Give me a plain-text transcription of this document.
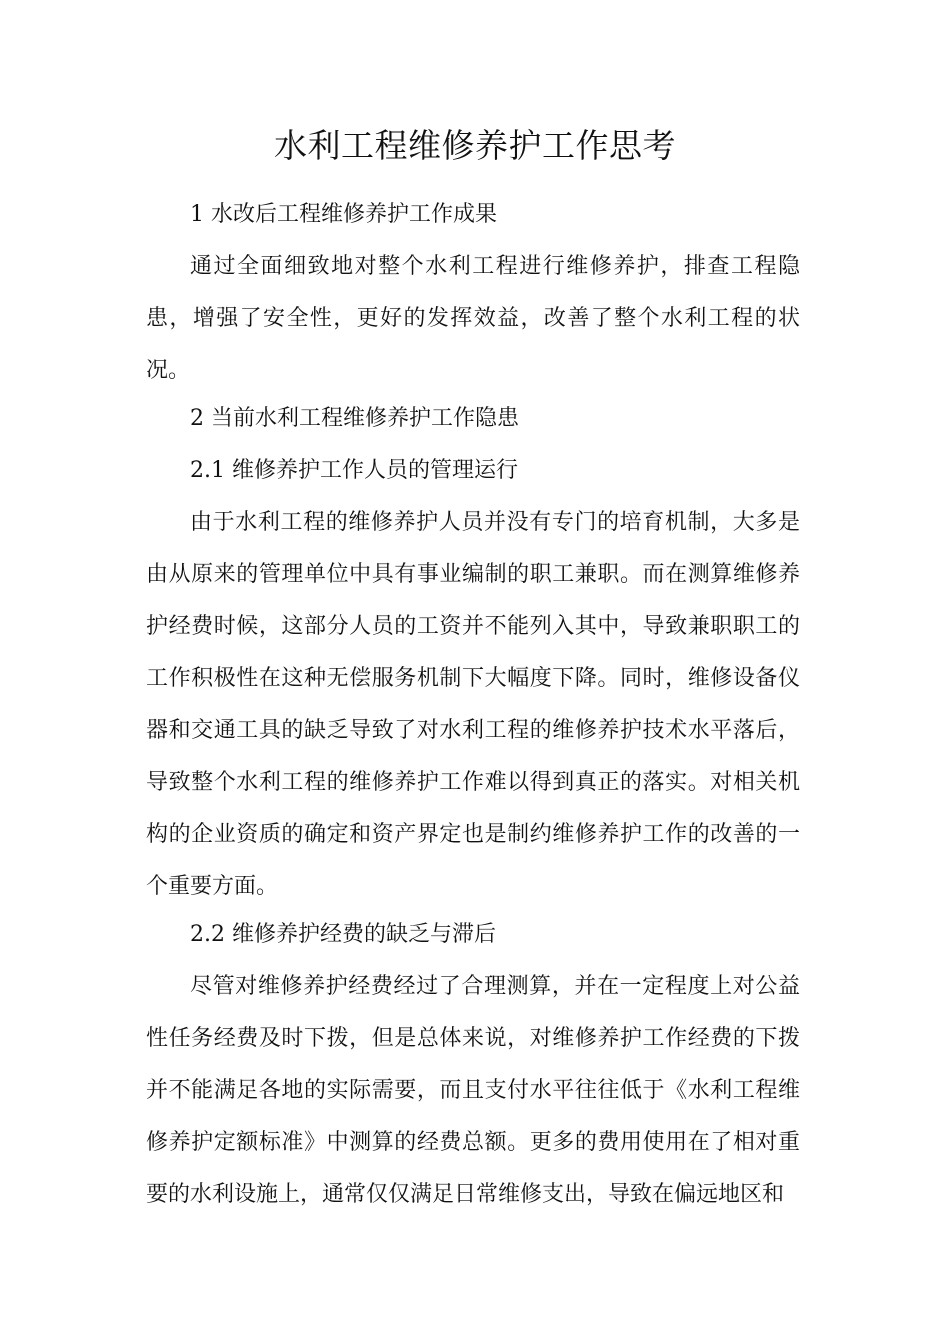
水利工程维修养护工作思考
1 水改后工程维修养护工作成果
通过全面细致地对整个水利工程进行维修养护，排查工程隐患，增强了安全性，更好的发挥效益，改善了整个水利工程的状况。
2 当前水利工程维修养护工作隐患
2.1 维修养护工作人员的管理运行
由于水利工程的维修养护人员并没有专门的培育机制，大多是由从原来的管理单位中具有事业编制的职工兼职。而在测算维修养护经费时候，这部分人员的工资并不能列入其中，导致兼职职工的工作积极性在这种无偿服务机制下大幅度下降。同时，维修设备仪器和交通工具的缺乏导致了对水利工程的维修养护技术水平落后，导致整个水利工程的维修养护工作难以得到真正的落实。对相关机构的企业资质的确定和资产界定也是制约维修养护工作的改善的一个重要方面。
2.2 维修养护经费的缺乏与滞后
尽管对维修养护经费经过了合理测算，并在一定程度上对公益性任务经费及时下拨，但是总体来说，对维修养护工作经费的下拨并不能满足各地的实际需要，而且支付水平往往低于《水利工程维修养护定额标准》中测算的经费总额。更多的费用使用在了相对重要的水利设施上，通常仅仅满足日常维修支出，导致在偏远地区和
